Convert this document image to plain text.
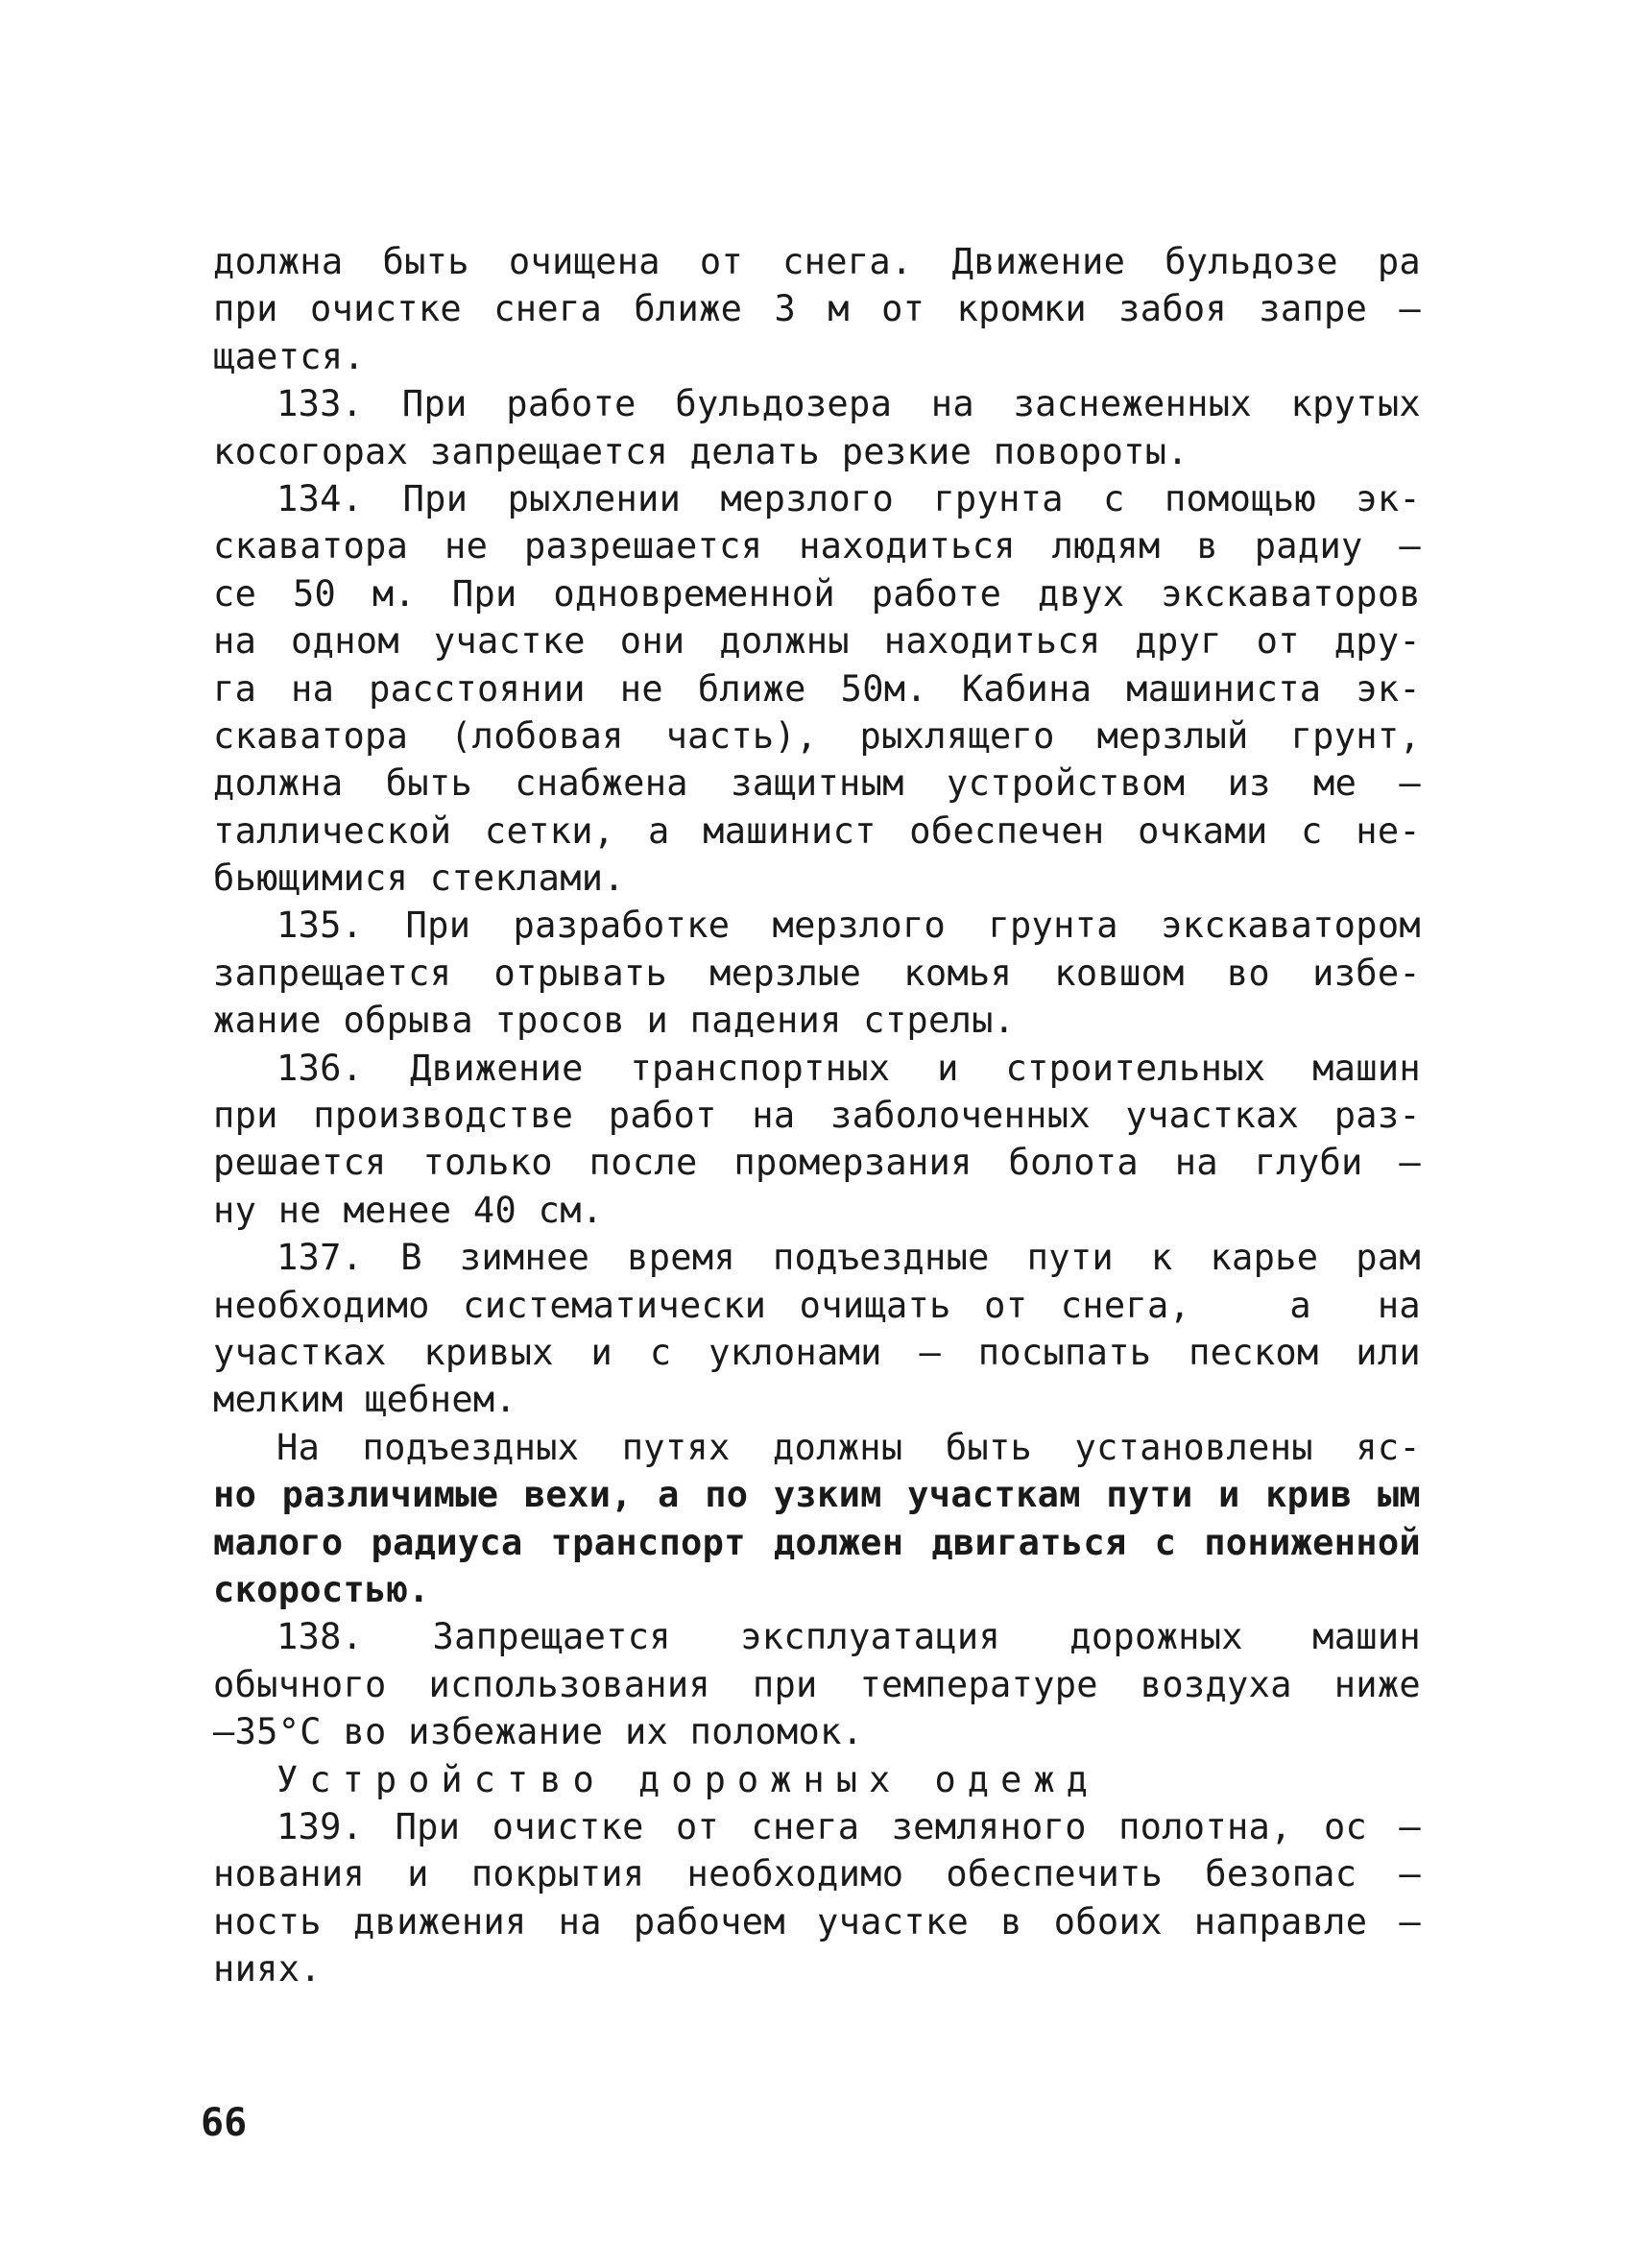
должна быть очищена от снега. Движение бульдозе ра
при очистке снега ближе 3 м от кромки забоя запре –
щается.
133. При работе бульдозера на заснеженных крутых
косогорах запрещается делать резкие повороты.
134. При рыхлении мерзлого грунта с помощью эк-
скаватора не разрешается находиться людям в радиу –
се 50 м. При одновременной работе двух экскаваторов
на одном участке они должны находиться друг от дру-
га на расстоянии не ближе 50м. Кабина машиниста эк-
скаватора (лобовая часть), рыхлящего мерзлый грунт,
должна быть снабжена защитным устройством из ме –
таллической сетки, а машинист обеспечен очками с не-
бьющимися стеклами.
135. При разработке мерзлого грунта экскаватором
запрещается отрывать мерзлые комья ковшом во избе-
жание обрыва тросов и падения стрелы.
136. Движение транспортных и строительных машин
при производстве работ на заболоченных участках раз-
решается только после промерзания болота на глуби –
ну не менее 40 см.
137. В зимнее время подъездные пути к карье рам
необходимо систематически очищать от снега,   а  на
участках кривых и с уклонами – посыпать песком или
мелким щебнем.
На подъездных путях должны быть установлены яс-
но различимые вехи, а по узким участкам пути и крив ым
малого радиуса транспорт должен двигаться с пониженной
скоростью.
138. Запрещается эксплуатация дорожных машин
обычного использования при температуре воздуха ниже
–35°С во избежание их поломок.
Устройство дорожных одежд
139. При очистке от снега земляного полотна, ос –
нования и покрытия необходимо обеспечить безопас –
ность движения на рабочем участке в обоих направле –
ниях.
66
